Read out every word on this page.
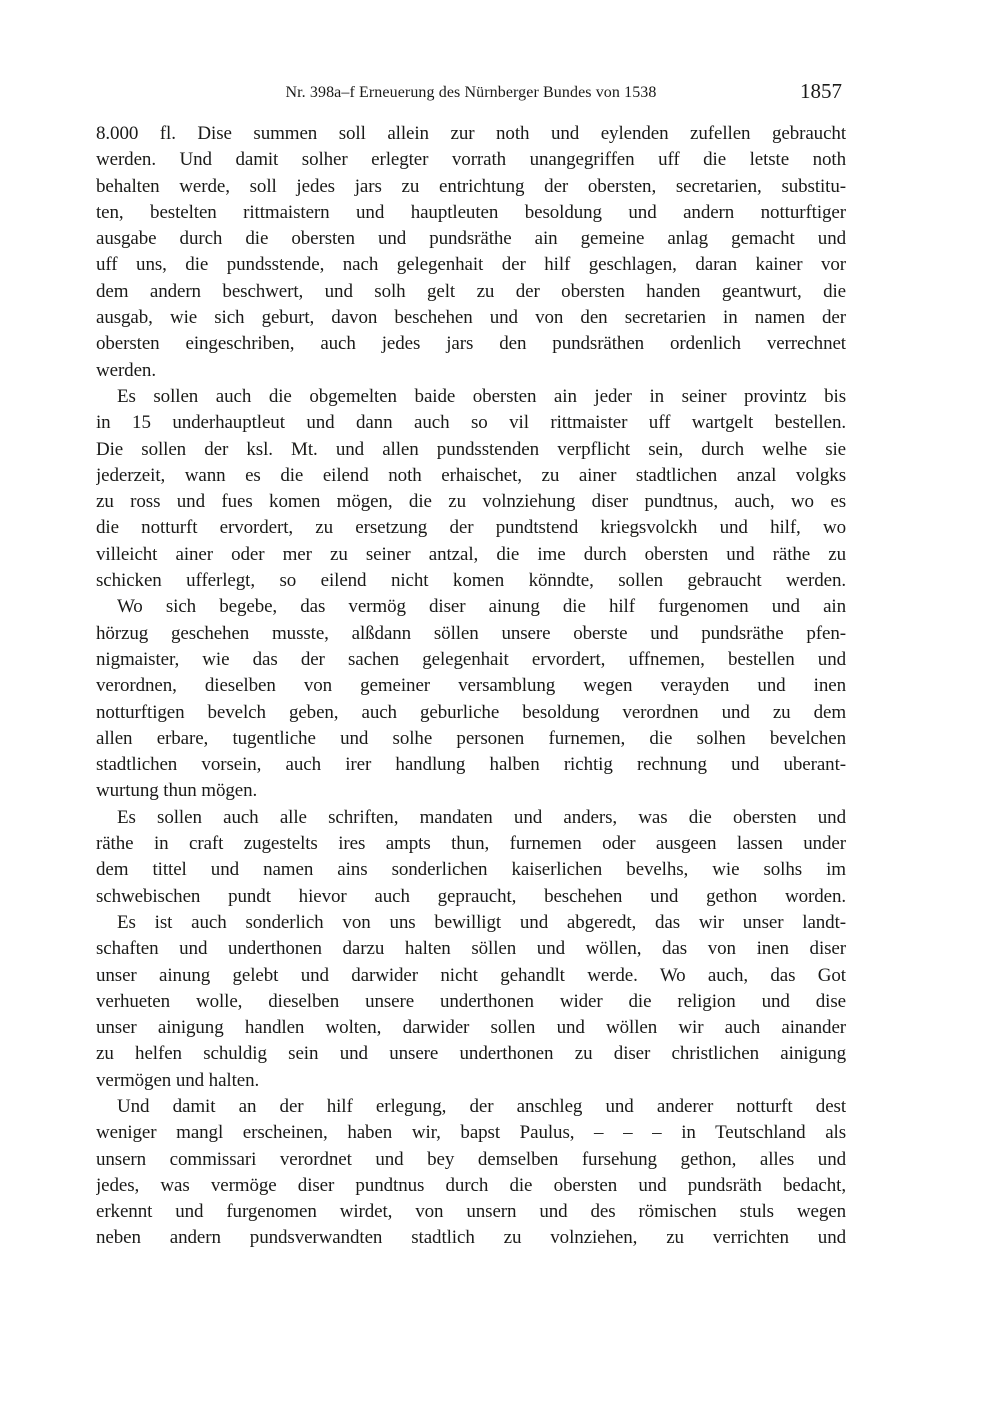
Nr. 398a–f Erneuerung des Nürnberger Bundes von 1538	1857
8.000 fl. Dise summen soll allein zur noth und eylenden zufellen gebraucht
werden. Und damit solher erlegter vorrath unangegriffen uff die letste noth
behalten werde, soll jedes jars zu entrichtung der obersten, secretarien, substitu-
ten, bestelten rittmaistern und hauptleuten besoldung und andern notturftiger
ausgabe durch die obersten und pundsräthe ain gemeine anlag gemacht und
uff uns, die pundsstende, nach gelegenhait der hilf geschlagen, daran kainer vor
dem andern beschwert, und solh gelt zu der obersten handen geantwurt, die
ausgab, wie sich geburt, davon beschehen und von den secretarien in namen der
obersten eingeschriben, auch jedes jars den pundsräthen ordenlich verrechnet
werden.
Es sollen auch die obgemelten baide obersten ain jeder in seiner provintz bis
in 15 underhauptleut und dann auch so vil rittmaister uff wartgelt bestellen.
Die sollen der ksl. Mt. und allen pundsstenden verpflicht sein, durch welhe sie
jederzeit, wann es die eilend noth erhaischet, zu ainer stadtlichen anzal volgks
zu ross und fues komen mögen, die zu volnziehung diser pundtnus, auch, wo es
die notturft ervordert, zu ersetzung der pundtstend kriegsvolckh und hilf, wo
villeicht ainer oder mer zu seiner antzal, die ime durch obersten und räthe zu
schicken ufferlegt, so eilend nicht komen könndte, sollen gebraucht werden.
Wo sich begebe, das vermög diser ainung die hilf furgenomen und ain
hörzug geschehen musste, alßdann söllen unsere oberste und pundsräthe pfen-
nigmaister, wie das der sachen gelegenhait ervordert, uffnemen, bestellen und
verordnen, dieselben von gemeiner versamblung wegen verayden und inen
notturftigen bevelch geben, auch geburliche besoldung verordnen und zu dem
allen erbare, tugentliche und solhe personen furnemen, die solhen bevelchen
stadtlichen vorsein, auch irer handlung halben richtig rechnung und uberant-
wurtung thun mögen.
Es sollen auch alle schriften, mandaten und anders, was die obersten und
räthe in craft zugestelts ires ampts thun, furnemen oder ausgeen lassen under
dem tittel und namen ains sonderlichen kaiserlichen bevelhs, wie solhs im
schwebischen pundt hievor auch gepraucht, beschehen und gethon worden.
Es ist auch sonderlich von uns bewilligt und abgeredt, das wir unser landt-
schaften und underthonen darzu halten söllen und wöllen, das von inen diser
unser ainung gelebt und darwider nicht gehandlt werde. Wo auch, das Got
verhueten wolle, dieselben unsere underthonen wider die religion und dise
unser ainigung handlen wolten, darwider sollen und wöllen wir auch ainander
zu helfen schuldig sein und unsere underthonen zu diser christlichen ainigung
vermögen und halten.
Und damit an der hilf erlegung, der anschleg und anderer notturft dest
weniger mangl erscheinen, haben wir, bapst Paulus, – – – in Teutschland als
unsern commissari verordnet und bey demselben fursehung gethon, alles und
jedes, was vermöge diser pundtnus durch die obersten und pundsräth bedacht,
erkennt und furgenomen wirdet, von unsern und des römischen stuls wegen
neben andern pundsverwandten stadtlich zu volnziehen, zu verrichten und
